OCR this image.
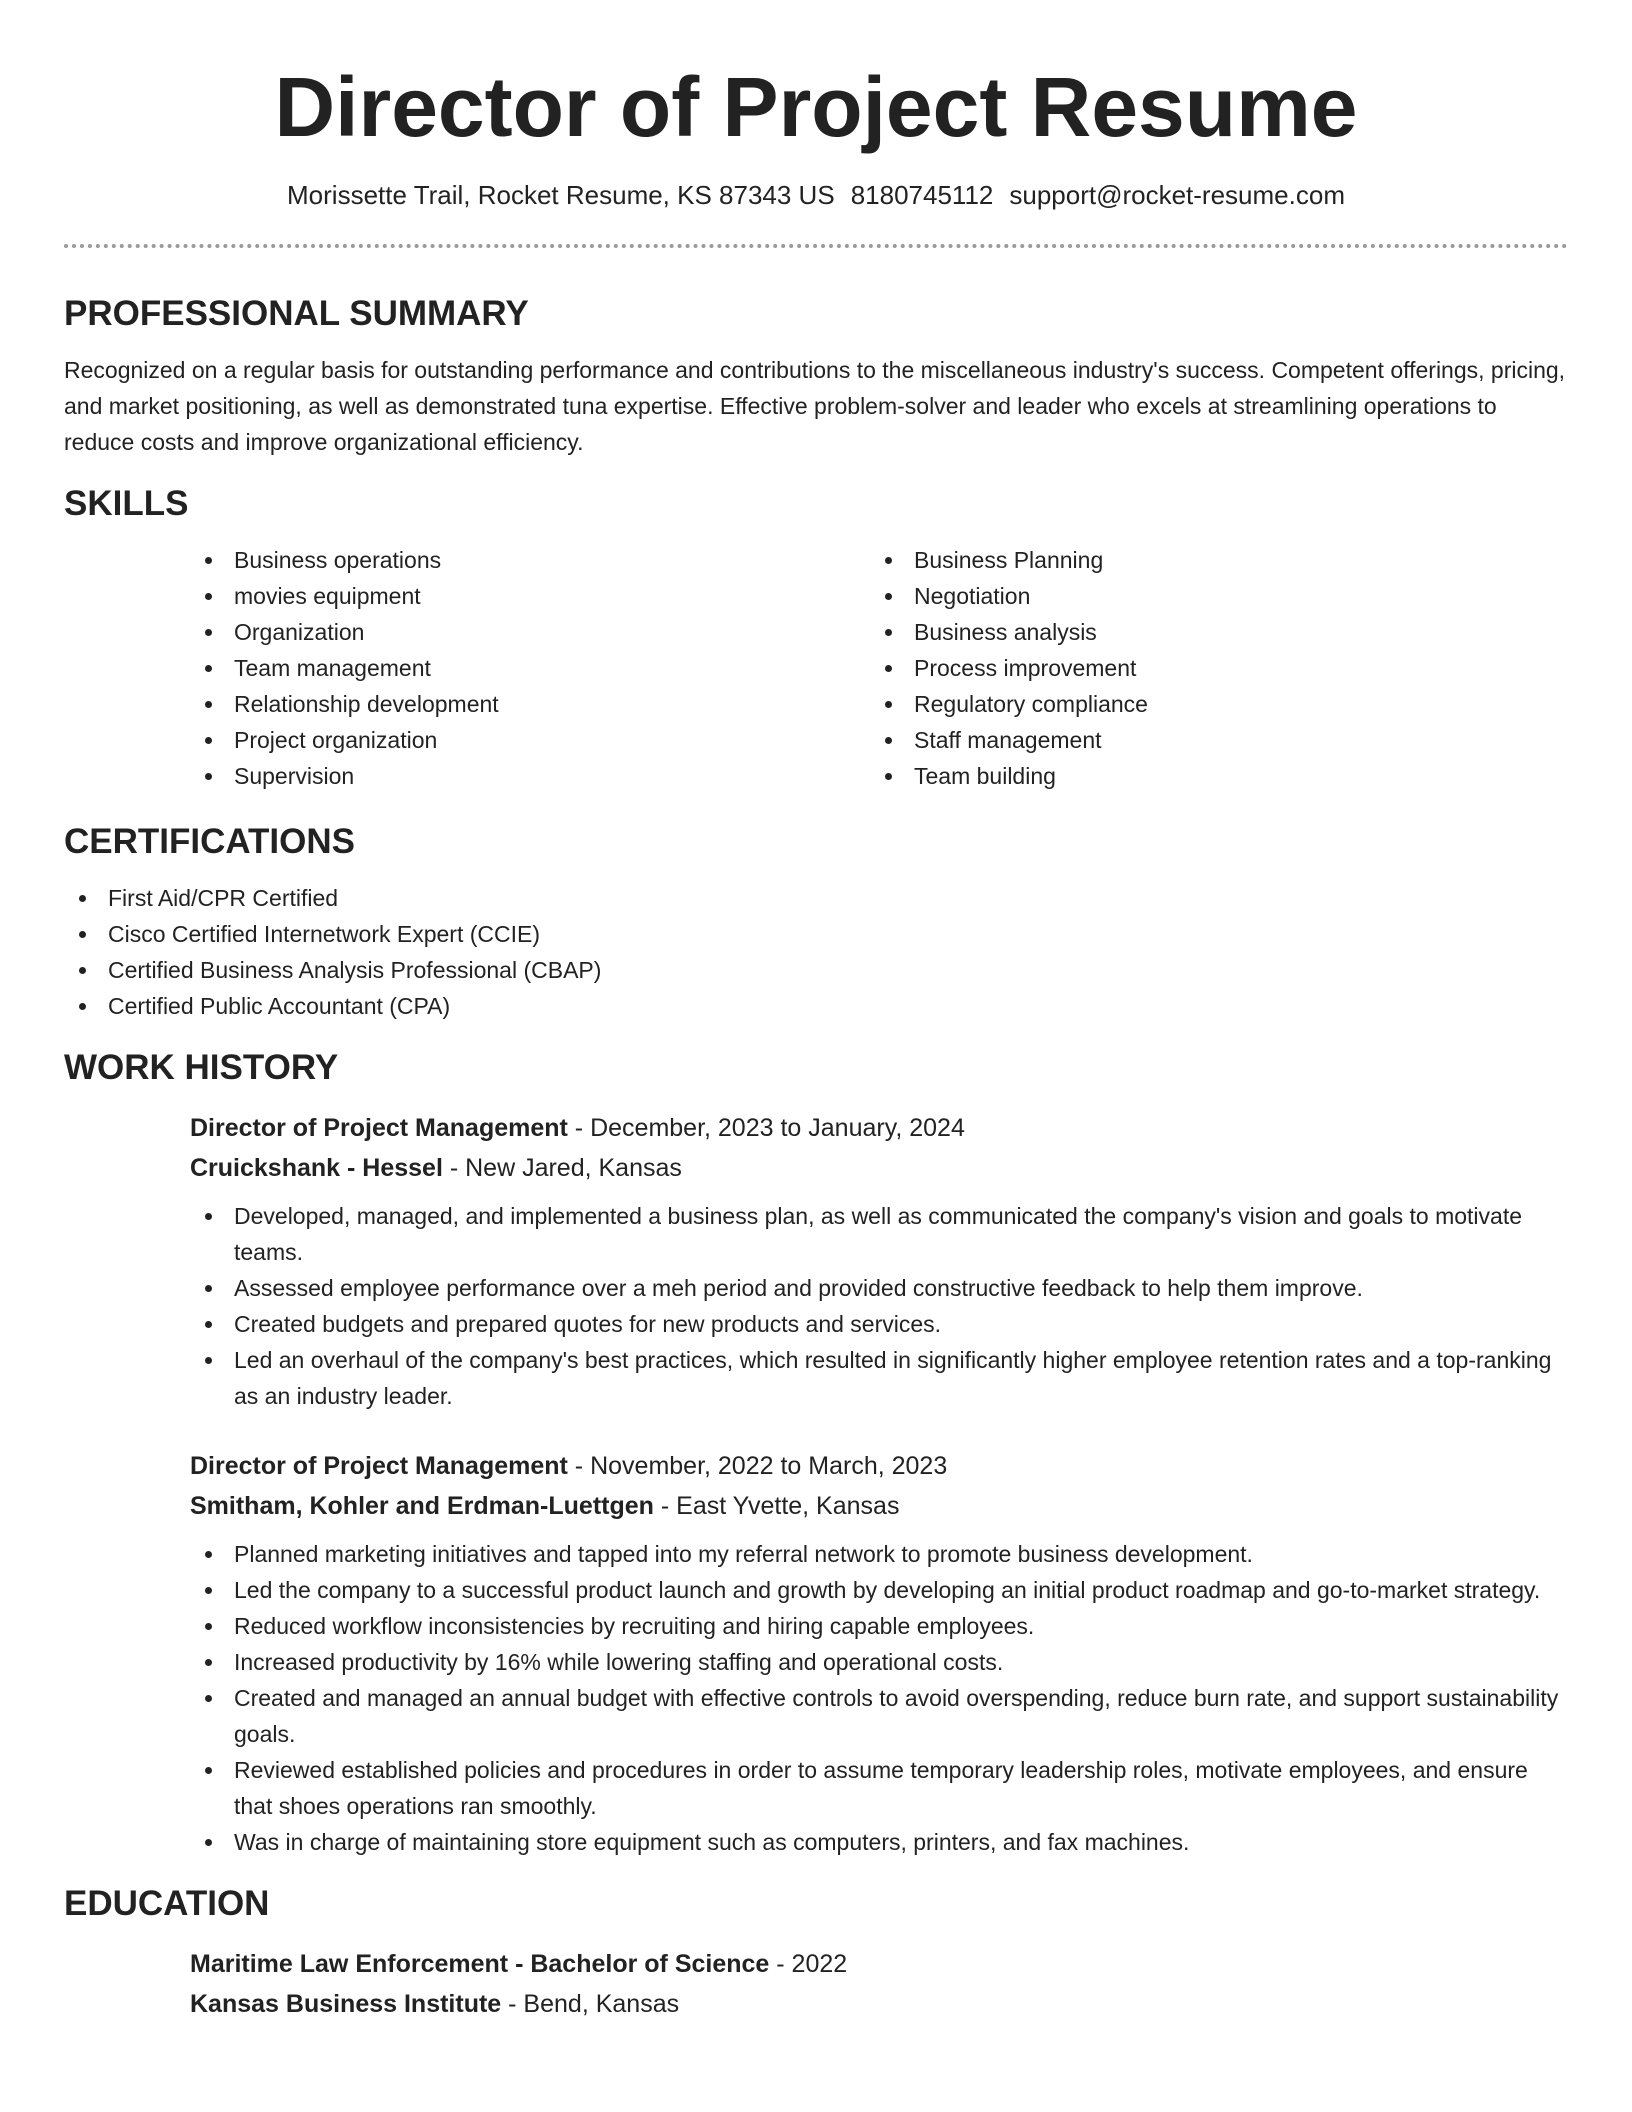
Director of Project Resume
Morissette Trail, Rocket Resume, KS 87343 US 8180745112 support@rocket-resume.com
PROFESSIONAL SUMMARY

Recognized on a regular basis for outstanding performance and contributions to the miscellaneous industry's success. Competent offerings, pricing, and market positioning, as well as demonstrated tuna expertise. Effective problem-solver and leader who excels at streamlining operations to reduce costs and improve organizational efficiency.

SKILLS
Business operations
movies equipment
Organization
Team management
Relationship development
Project organization
Supervision
Business Planning
Negotiation
Business analysis
Process improvement
Regulatory compliance
Staff management
Team building
CERTIFICATIONS
First Aid/CPR Certified
Cisco Certified Internetwork Expert (CCIE)
Certified Business Analysis Professional (CBAP)
Certified Public Accountant (CPA)
WORK HISTORY

Director of Project Management - December, 2023 to January, 2024

Cruickshank - Hessel - New Jared, Kansas

Developed, managed, and implemented a business plan, as well as communicated the company's vision and goals to motivate teams.
Assessed employee performance over a meh period and provided constructive feedback to help them improve.
Created budgets and prepared quotes for new products and services.
Led an overhaul of the company's best practices, which resulted in significantly higher employee retention rates and a top-ranking as an industry leader.

Director of Project Management - November, 2022 to March, 2023

Smitham, Kohler and Erdman-Luettgen - East Yvette, Kansas

Planned marketing initiatives and tapped into my referral network to promote business development.
Led the company to a successful product launch and growth by developing an initial product roadmap and go-to-market strategy.
Reduced workflow inconsistencies by recruiting and hiring capable employees.
Increased productivity by 16% while lowering staffing and operational costs.
Created and managed an annual budget with effective controls to avoid overspending, reduce burn rate, and support sustainability goals.
Reviewed established policies and procedures in order to assume temporary leadership roles, motivate employees, and ensure that shoes operations ran smoothly.
Was in charge of maintaining store equipment such as computers, printers, and fax machines.
EDUCATION

Maritime Law Enforcement - Bachelor of Science - 2022

Kansas Business Institute - Bend, Kansas
